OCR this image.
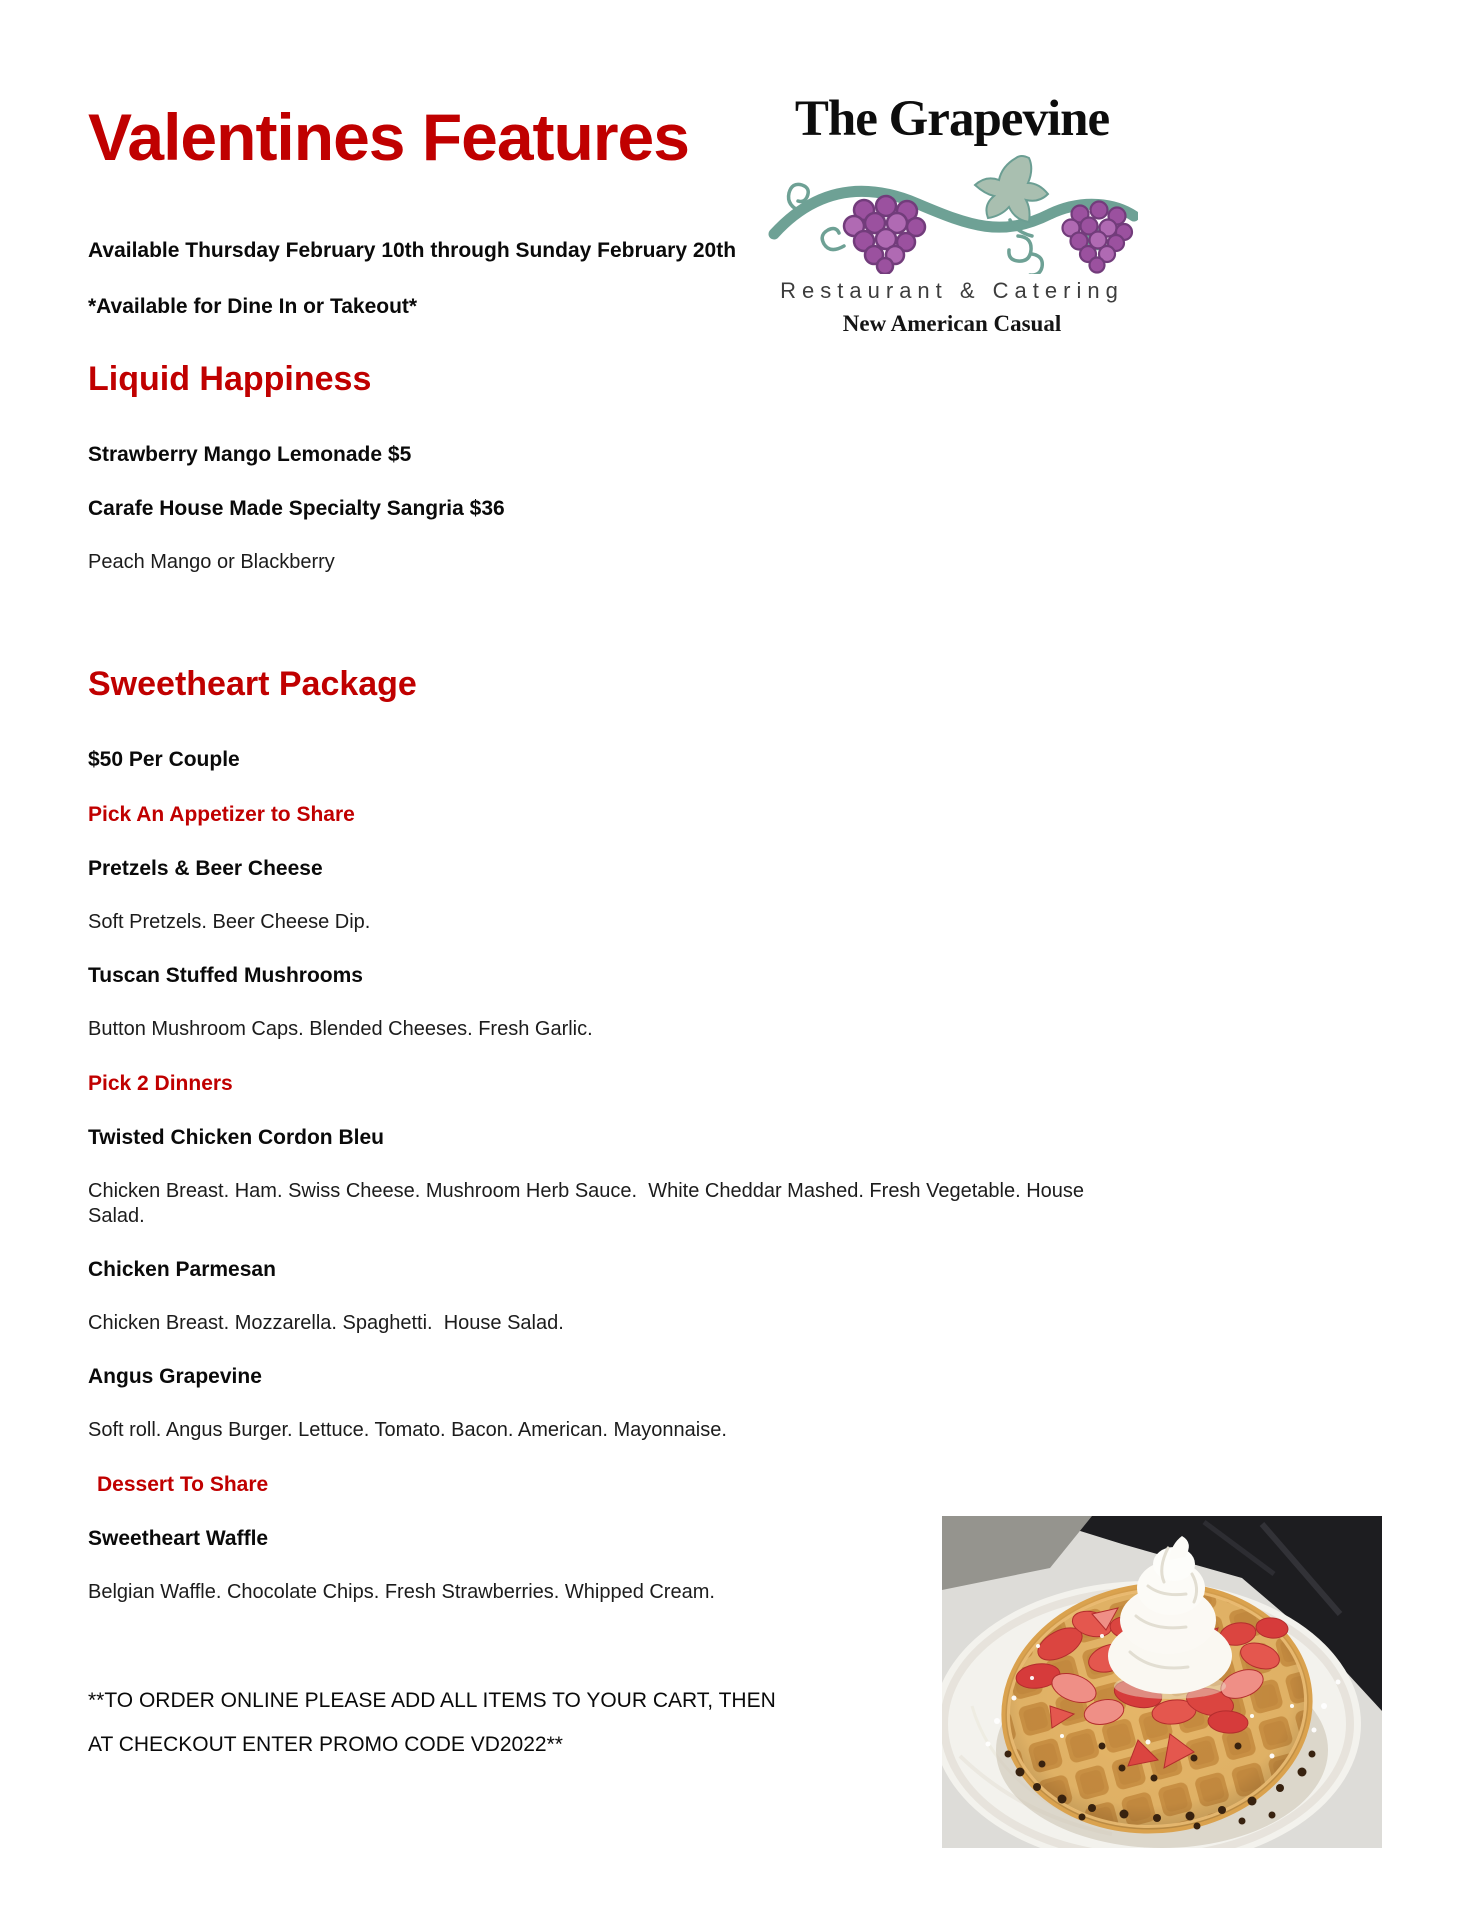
Valentines Features

Available Thursday February 10th through Sunday February 20th

*Available for Dine In or Takeout*

Liquid Happiness

Strawberry Mango Lemonade $5

Carafe House Made Specialty Sangria $36

Peach Mango or Blackberry

Sweetheart Package

$50 Per Couple

Pick An Appetizer to Share

Pretzels & Beer Cheese

Soft Pretzels. Beer Cheese Dip.

Tuscan Stuffed Mushrooms

Button Mushroom Caps. Blended Cheeses. Fresh Garlic.

Pick 2 Dinners

Twisted Chicken Cordon Bleu

Chicken Breast. Ham. Swiss Cheese. Mushroom Herb Sauce.  White Cheddar Mashed. Fresh Vegetable. House Salad.

Chicken Parmesan

Chicken Breast. Mozzarella. Spaghetti.  House Salad.

Angus Grapevine

Soft roll. Angus Burger. Lettuce. Tomato. Bacon. American. Mayonnaise.

Dessert To Share

Sweetheart Waffle

Belgian Waffle. Chocolate Chips. Fresh Strawberries. Whipped Cream.

**TO ORDER ONLINE PLEASE ADD ALL ITEMS TO YOUR CART, THEN AT CHECKOUT ENTER PROMO CODE VD2022**

The Grapevine
Restaurant & Catering
New American Casual
